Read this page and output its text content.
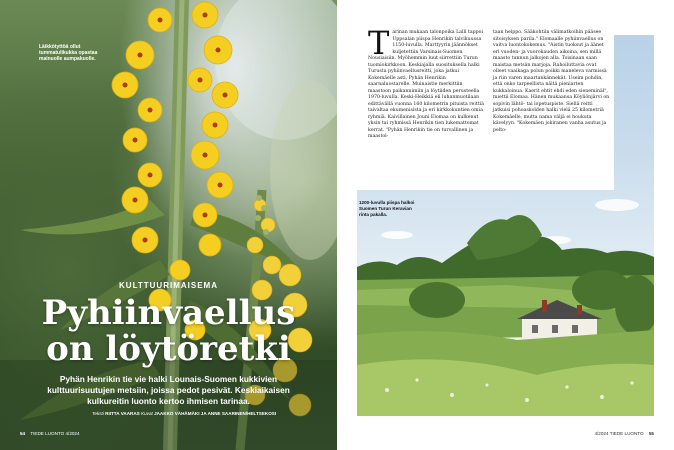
Läikkötyttöä ollut tummatulikukka opastaa mainuolle aumpakuolle.
KULTTUURIMAISEMA
Pyhiinvaellus
on löytöretki
Pyhän Henrikin tie vie halki Lounais-Suomen kukkivien kulttuurisuutujen metsiin, joissa pedot pesivät. Keskiaikaisen kulkureitin luonto kertoo ihmisen tarinaa.
Teksti RIITTA VAARAS Kuvat JAAKKO VÄHÄMÄKI JA ANNE SAARINEN/HELTSEKOSI
54 TIEDE LUONTO 4/2024
T arinan mukaan talonpoika Lalli tappoi Uppsalan piispa Henrikin talvikuussa 1150-luvulla. Marttyyrin jäännökset kuljetettiin Varsinais-Suomen Nousiaisiin. Myöhemmin luut siirrettiin Turun tuomiokirkkoon. Keskiajalla suosituksella halki Turusta pyhiinvaellusreitti, joka jatkui Kokemäelle asti, Pyhän Henrikin saarnaluostarelle. Muinaistie merkittiin maastoon paikannimiin ja löytiiden perusteella 1970-luvulla. Keski-Heikkiä eli luhanmuotilaan edittävällä vuonna 160 kilometrin pituista reittiä taivaltaa ekumenisista ja eri kirkkokuntien omia ryhmiä. Kaivillainen Jouni Elomaa on kulkenut yksin tai ryhmissä Henrikin tien lukemattomat kerrat. "Pyhän Henrikin tie on turvallinen ja maastol-

taan helppo. Sääkohtiin välimatkoihin pääsee sitoisyksen parila." Elomaalle pyhiinvaellus on vaitva luontokokemus. "Aistin tuoksut ja äänet eri vuoden- ja vuorokauden aikoina, sen millä maasto tunnun jalkojen alla. Toisinaan saan maistaa metsän marjoja. Rahoiluttavia ovat olleet vaaikaga polun poikki maneleva varmissä ja riin varen maartankännekät. Useim pohdin, että onko tarpeellista näitä pieniarten kukkaloinua. Kaerit ehtit ehdi eden sieneminäl", miettii Elomaa. Hänen mukaansa Köyliönjärvi on sopivin lähtö- tai lopetuspiste. Siellä reitti jatkuisi pohoaskolden halki vielä 25 kilometriä Kokemäelle, mutta nama väljä ei houkuta kävelyyn. "Kokemäen jokiranen vanha asutus ja pelto-

1200-luvulla piispa halkoi Suomen Turun Keravian rinta pakalla.
4/2024 TIEDE LUONTO 55
